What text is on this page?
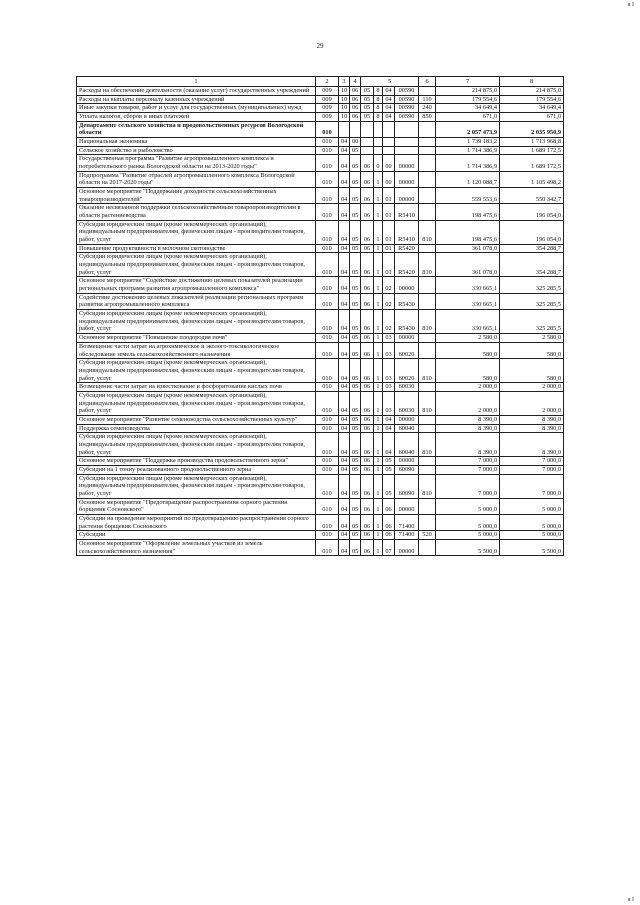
я I
29
1	2	3	4	5				6	7	8
Расходы на обеспечение деятельности (оказание услуг) государственных учреждений	009	10	06	05	8	04	00590		214 875,0	214 875,0
Расходы на выплаты персоналу казенных учреждений	009	10	06	05	8	04	00590	110	179 554,6	179 554,6
Иные закупки товаров, работ и услуг для государственных (муниципальных) нужд	009	10	06	05	8	04	00590	240	34 649,4	34 649,4
Уплата налогов, сборов и иных платежей	009	10	06	05	8	04	00590	850	671,0	671,0
Департамент сельского хозяйства и продовольственных ресурсов Вологодской области	010								2 057 473,9	2 035 950,9
Национальная экономика	010	04	00						1 739 183,2	1 713 968,8
Сельское хозяйство и рыболовство	010	04	05						1 714 386,9	1 689 172,5
Государственная программа "Развитие агропромышленного комплекса и потребительского рынка Вологодской области на 2013-2020 годы"	010	04	05	06	0	00	00000		1 714 386,9	1 689 172,5
Подпрограмма "Развитие отраслей агропромышленного комплекса Вологодской области на 2017-2020 годы"	010	04	05	06	1	00	00000		1 120 088,7	1 105 498,2
Основное мероприятие "Поддержание доходности сельскохозяйственных товаропроизводителей"	010	04	05	06	1	01	00000		559 553,6	550 342,7
Оказание несвязанной поддержки сельскохозяйственным товаропроизводителям в области растениеводства	010	04	05	06	1	01	R5410		198 475,6	196 054,0
Субсидии юридическим лицам (кроме некоммерческих организаций), индивидуальным предпринимателям, физическим лицам - производителям товаров, работ, услуг	010	04	05	06	1	01	R5410	810	198 475,6	196 054,0
Повышение продуктивности в молочном скотоводстве	010	04	05	06	1	01	R5420		361 078,0	354 288,7
Субсидии юридическим лицам (кроме некоммерческих организаций), индивидуальным предпринимателям, физическим лицам - производителям товаров, работ, услуг	010	04	05	06	1	01	R5420	810	361 078,0	354 288,7
Основное мероприятие "Содействие достижению целевых показателей реализации региональных программ развития агропромышленного комплекса"	010	04	05	06	1	02	00000		330 665,1	325 285,5
Содействие достижению целевых показателей реализации региональных программ развития агропромышленного комплекса	010	04	05	06	1	02	R5430		330 665,1	325 285,5
Субсидии юридическим лицам (кроме некоммерческих организаций), индивидуальным предпринимателям, физическим лицам - производителям товаров, работ, услуг	010	04	05	06	1	02	R5430	810	330 665,1	325 285,5
Основное мероприятие "Повышение плодородия почв"	010	04	05	06	1	03	00000		2 580,0	2 580,0
Возмещение части затрат на агрохимическое и эколого-токсикологическое обследование земель сельскохозяйственного назначения	010	04	05	06	1	03	60020		580,0	580,0
Субсидии юридическим лицам (кроме некоммерческих организаций), индивидуальным предпринимателям, физическим лицам - производителям товаров, работ, услуг	010	04	05	06	1	03	60020	810	580,0	580,0
Возмещение части затрат на известкование и фосфоритование кислых почв	010	04	05	06	1	03	60030		2 000,0	2 000,0
Субсидии юридическим лицам (кроме некоммерческих организаций), индивидуальным предпринимателям, физическим лицам - производителям товаров, работ, услуг	010	04	05	06	1	03	60030	810	2 000,0	2 000,0
Основное мероприятие "Развитие семеноводства сельскохозяйственных культур"	010	04	05	06	1	04	00000		8 390,0	8 390,0
Поддержка семеноводства	010	04	05	06	1	04	60040		8 390,0	8 390,0
Субсидии юридическим лицам (кроме некоммерческих организаций), индивидуальным предпринимателям, физическим лицам - производителям товаров, работ, услуг	010	04	05	06	1	04	60040	810	8 390,0	8 390,0
Основное мероприятие "Поддержка производства продовольственного зерна"	010	04	05	06	1	05	00000		7 000,0	7 000,0
Субсидии на 1 тонну реализованного продовольственного зерна	010	04	05	06	1	05	60090		7 000,0	7 000,0
Субсидии юридическим лицам (кроме некоммерческих организаций), индивидуальным предпринимателям, физическим лицам - производителям товаров, работ, услуг	010	04	05	06	1	05	60090	810	7 000,0	7 000,0
Основное мероприятие "Предотвращение распространения сорного растения борщевик Сосновского"	010	04	05	06	1	06	00000		5 000,0	5 000,0
Субсидии на проведение мероприятий по предотвращению распространения сорного растения борщевик Сосновского	010	04	05	06	1	06	71400		5 000,0	5 000,0
Субсидии	010	04	05	06	1	06	71400	520	5 000,0	5 000,0
Основное мероприятие "Оформление земельных участков из земель сельскохозяйственного назначения"	010	04	05	06	1	07	00000		5 500,0	5 500,0
я I
